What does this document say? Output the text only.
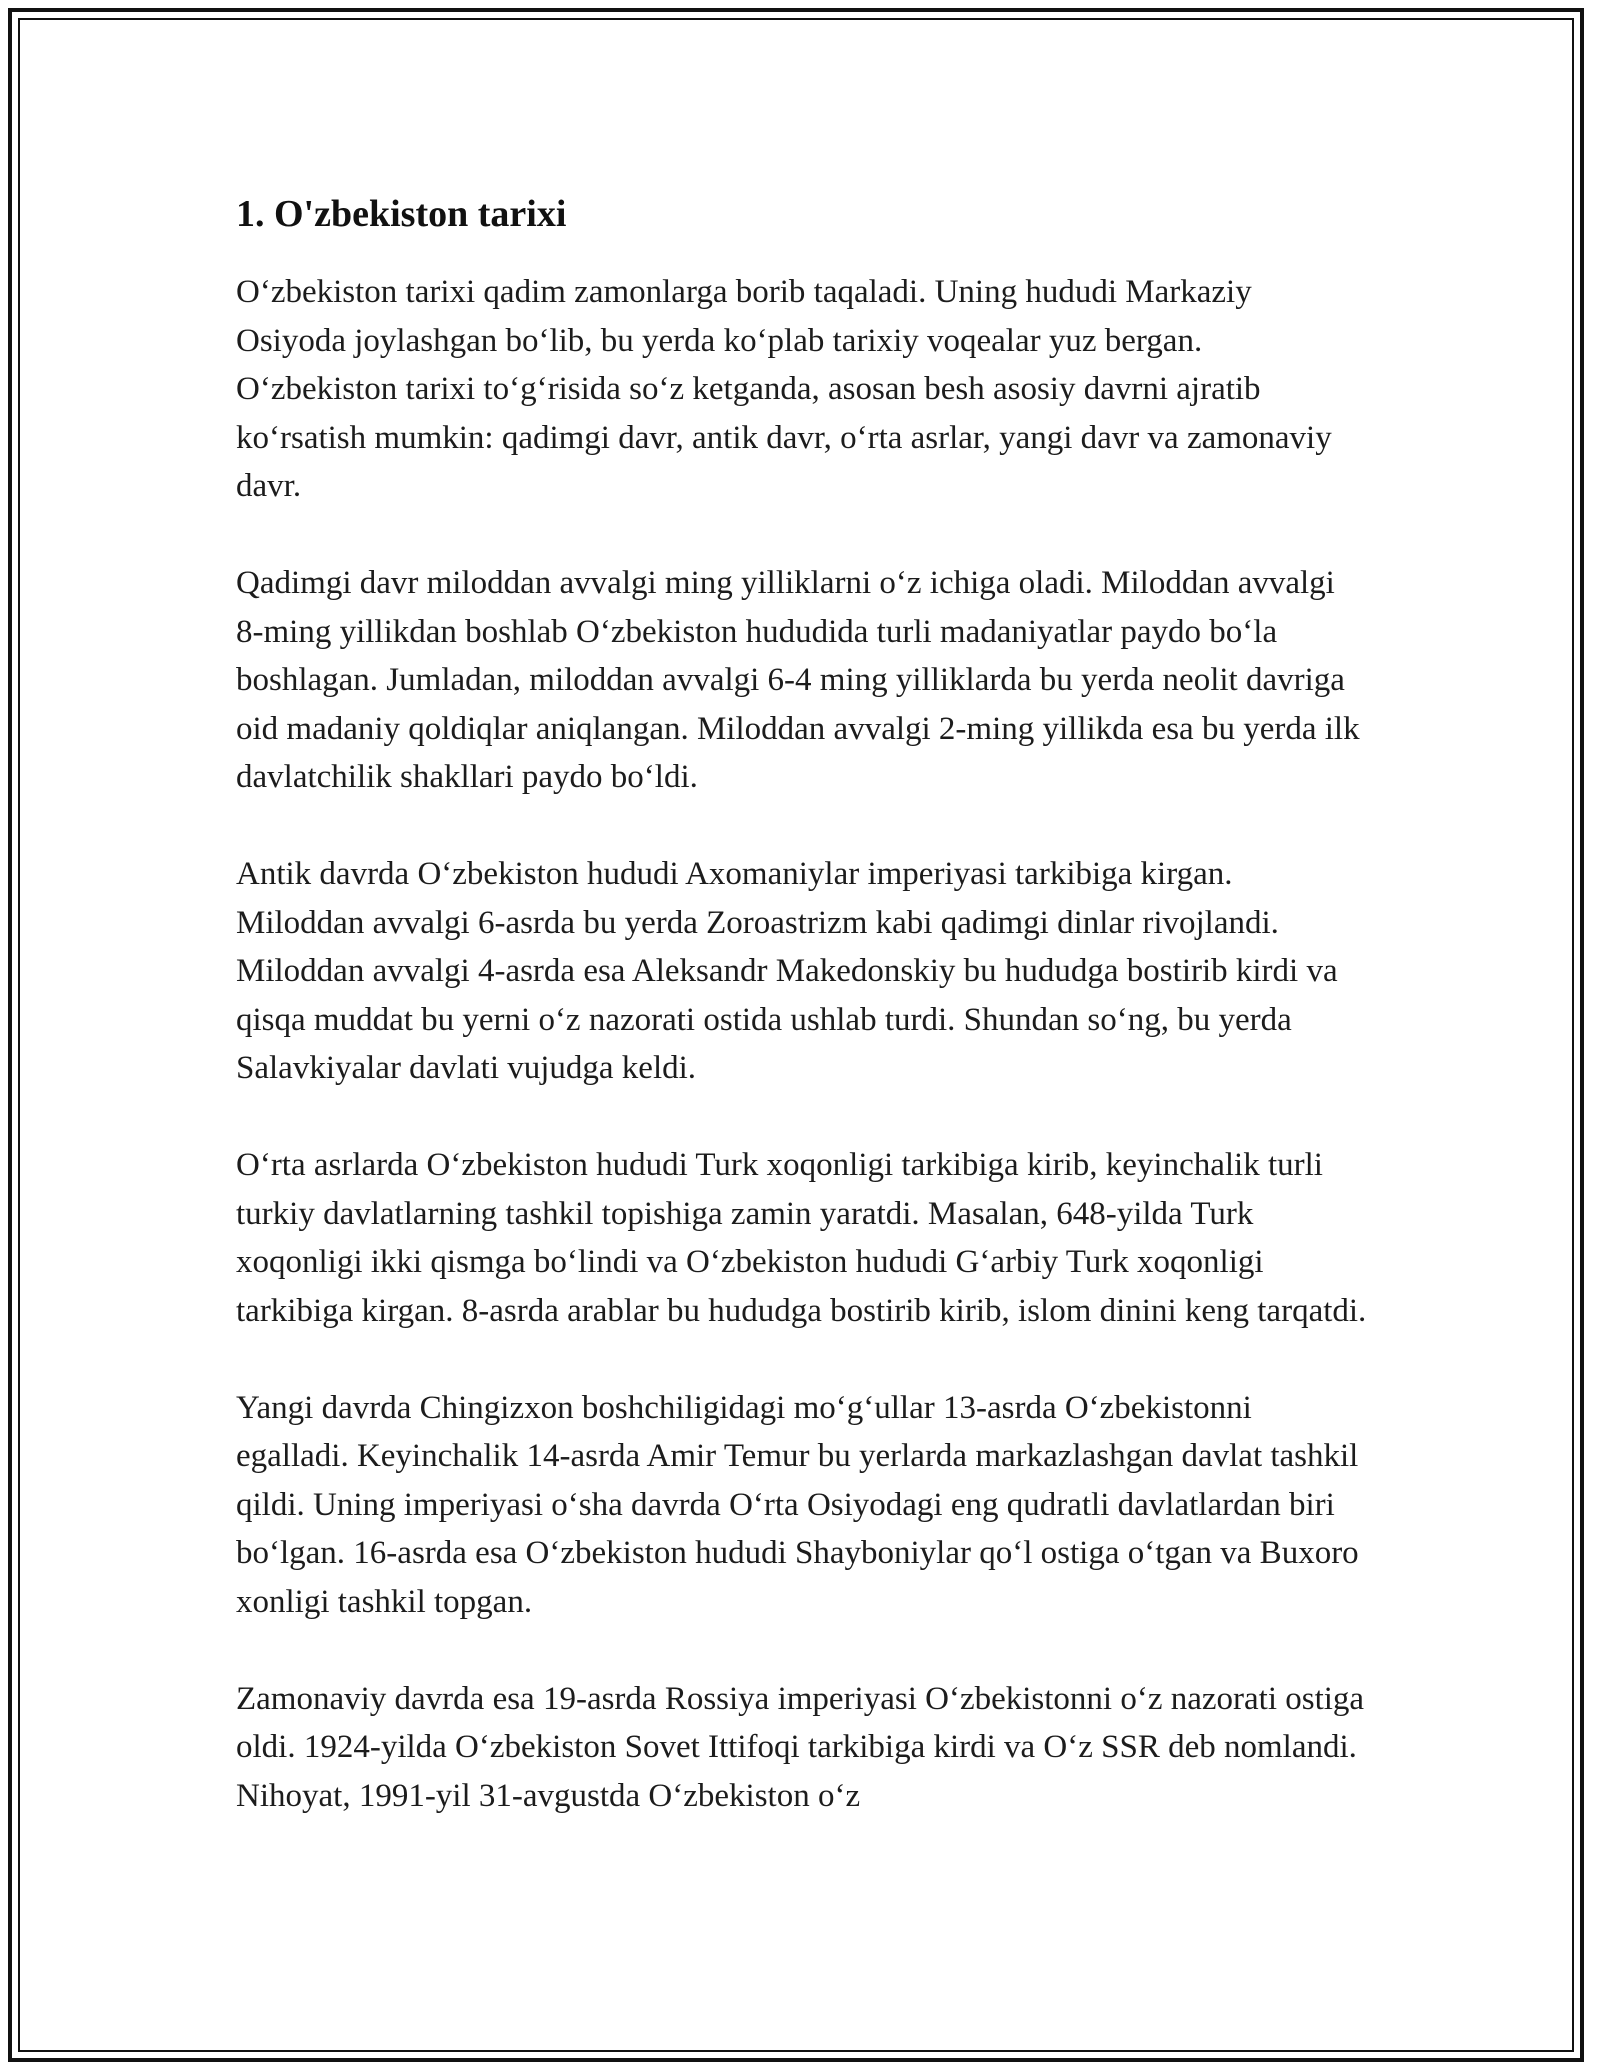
1. O'zbekiston tarixi

O‘zbekiston tarixi qadim zamonlarga borib taqaladi. Uning hududi Markaziy Osiyoda joylashgan bo‘lib, bu yerda ko‘plab tarixiy voqealar yuz bergan. O‘zbekiston tarixi to‘g‘risida so‘z ketganda, asosan besh asosiy davrni ajratib ko‘rsatish mumkin: qadimgi davr, antik davr, o‘rta asrlar, yangi davr va zamonaviy davr.

Qadimgi davr miloddan avvalgi ming yilliklarni o‘z ichiga oladi. Miloddan avvalgi 8-ming yillikdan boshlab O‘zbekiston hududida turli madaniyatlar paydo bo‘la boshlagan. Jumladan, miloddan avvalgi 6-4 ming yilliklarda bu yerda neolit davriga oid madaniy qoldiqlar aniqlangan. Miloddan avvalgi 2-ming yillikda esa bu yerda ilk davlatchilik shakllari paydo bo‘ldi.

Antik davrda O‘zbekiston hududi Axomaniylar imperiyasi tarkibiga kirgan. Miloddan avvalgi 6-asrda bu yerda Zoroastrizm kabi qadimgi dinlar rivojlandi. Miloddan avvalgi 4-asrda esa Aleksandr Makedonskiy bu hududga bostirib kirdi va qisqa muddat bu yerni o‘z nazorati ostida ushlab turdi. Shundan so‘ng, bu yerda Salavkiyalar davlati vujudga keldi.

O‘rta asrlarda O‘zbekiston hududi Turk xoqonligi tarkibiga kirib, keyinchalik turli turkiy davlatlarning tashkil topishiga zamin yaratdi. Masalan, 648-yilda Turk xoqonligi ikki qismga bo‘lindi va O‘zbekiston hududi G‘arbiy Turk xoqonligi tarkibiga kirgan. 8-asrda arablar bu hududga bostirib kirib, islom dinini keng tarqatdi.

Yangi davrda Chingizxon boshchiligidagi mo‘g‘ullar 13-asrda O‘zbekistonni egalladi. Keyinchalik 14-asrda Amir Temur bu yerlarda markazlashgan davlat tashkil qildi. Uning imperiyasi o‘sha davrda O‘rta Osiyodagi eng qudratli davlatlardan biri bo‘lgan. 16-asrda esa O‘zbekiston hududi Shayboniylar qo‘l ostiga o‘tgan va Buxoro xonligi tashkil topgan.

Zamonaviy davrda esa 19-asrda Rossiya imperiyasi O‘zbekistonni o‘z nazorati ostiga oldi. 1924-yilda O‘zbekiston Sovet Ittifoqi tarkibiga kirdi va O‘z SSR deb nomlandi. Nihoyat, 1991-yil 31-avgustda O‘zbekiston o‘z
